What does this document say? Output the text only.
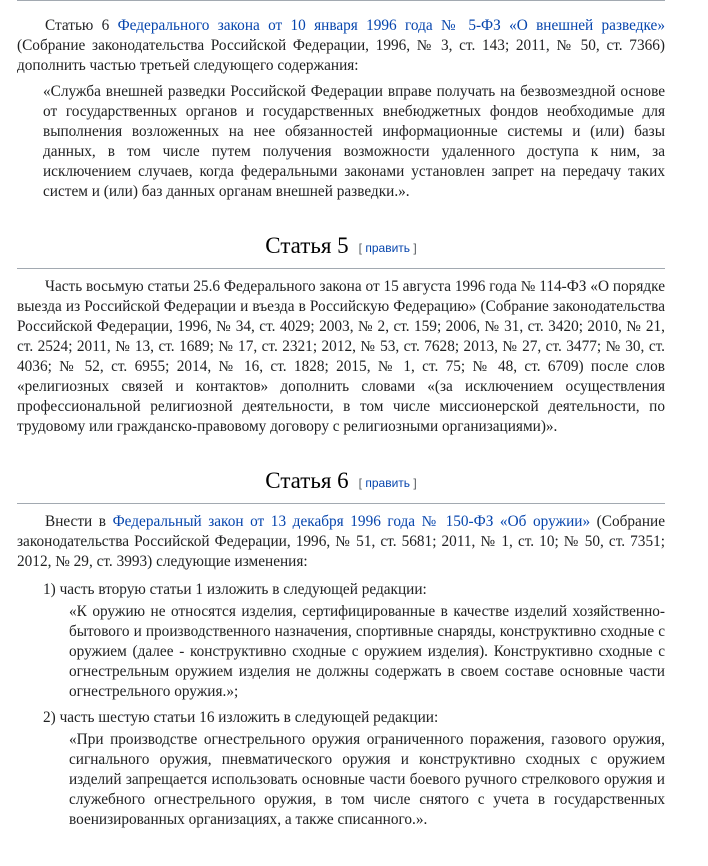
Статью 6 Федерального закона от 10 января 1996 года № 5-ФЗ «О внешней разведке» (Собрание законодательства Российской Федерации, 1996, № 3, ст. 143; 2011, № 50, ст. 7366) дополнить частью третьей следующего содержания:

«Служба внешней разведки Российской Федерации вправе получать на безвозмездной основе от государственных органов и государственных внебюджетных фондов необходимые для выполнения возложенных на нее обязанностей информационные системы и (или) базы данных, в том числе путем получения возможности удаленного доступа к ним, за исключением случаев, когда федеральными законами установлен запрет на передачу таких систем и (или) баз данных органам внешней разведки.».
Статья 5 [ править ]

Часть восьмую статьи 25.6 Федерального закона от 15 августа 1996 года № 114-ФЗ «О порядке выезда из Российской Федерации и въезда в Российскую Федерацию» (Собрание законодательства Российской Федерации, 1996, № 34, ст. 4029; 2003, № 2, ст. 159; 2006, № 31, ст. 3420; 2010, № 21, ст. 2524; 2011, № 13, ст. 1689; № 17, ст. 2321; 2012, № 53, ст. 7628; 2013, № 27, ст. 3477; № 30, ст. 4036; № 52, ст. 6955; 2014, № 16, ст. 1828; 2015, № 1, ст. 75; № 48, ст. 6709) после слов «религиозных связей и контактов» дополнить словами «(за исключением осуществления профессиональной религиозной деятельности, в том числе миссионерской деятельности, по трудовому или гражданско-правовому договору с религиозными организациями)».

Статья 6 [ править ]

Внести в Федеральный закон от 13 декабря 1996 года № 150-ФЗ «Об оружии» (Собрание законодательства Российской Федерации, 1996, № 51, ст. 5681; 2011, № 1, ст. 10; № 50, ст. 7351; 2012, № 29, ст. 3993) следующие изменения:

1) часть вторую статьи 1 изложить в следующей редакции:
«К оружию не относятся изделия, сертифицированные в качестве изделий хозяйственно-бытового и производственного назначения, спортивные снаряды, конструктивно сходные с оружием (далее - конструктивно сходные с оружием изделия). Конструктивно сходные с огнестрельным оружием изделия не должны содержать в своем составе основные части огнестрельного оружия.»;
2) часть шестую статьи 16 изложить в следующей редакции:
«При производстве огнестрельного оружия ограниченного поражения, газового оружия, сигнального оружия, пневматического оружия и конструктивно сходных с оружием изделий запрещается использовать основные части боевого ручного стрелкового оружия и служебного огнестрельного оружия, в том числе снятого с учета в государственных военизированных организациях, а также списанного.».
